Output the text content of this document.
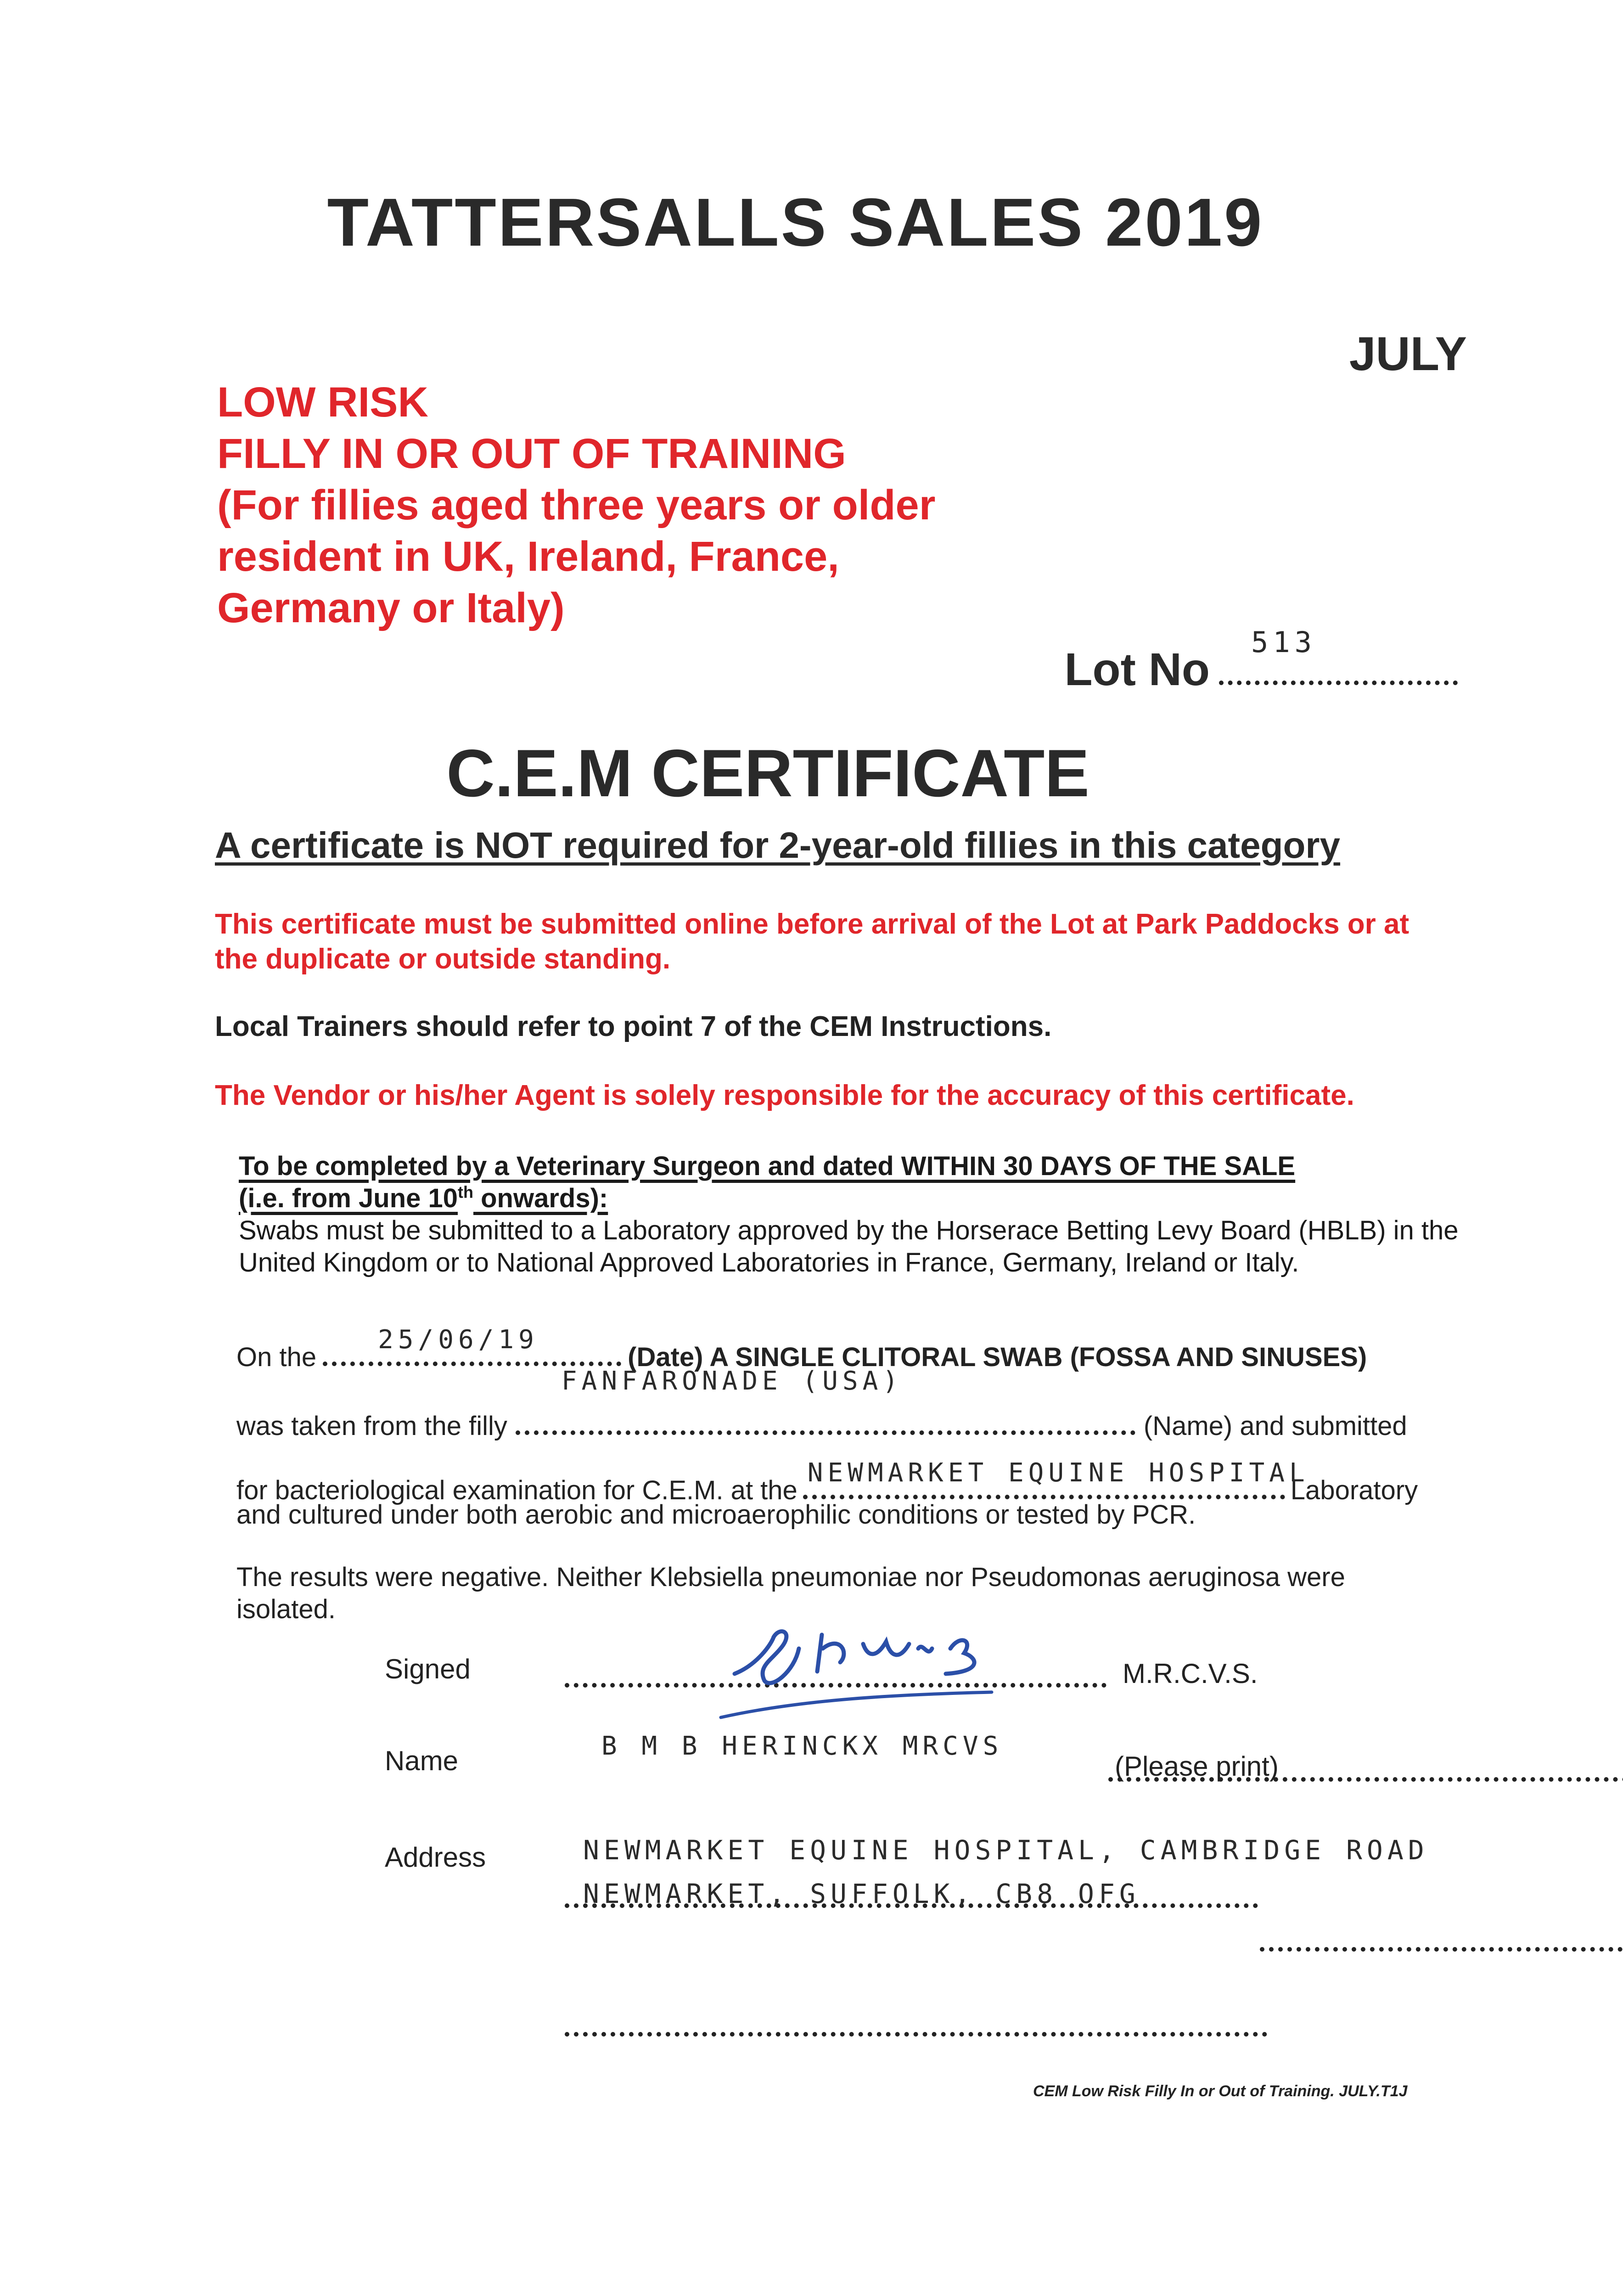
TATTERSALLS SALES 2019
JULY
LOW RISK
FILLY IN OR OUT OF TRAINING
(For fillies aged three years or older
resident in UK, Ireland, France,
Germany or Italy)
Lot No
513
C.E.M CERTIFICATE
A certificate is NOT required for 2-year-old fillies in this category
This certificate must be submitted online before arrival of the Lot at Park Paddocks or at the duplicate or outside standing.
Local Trainers should refer to point 7 of the CEM Instructions.
The Vendor or his/her Agent is solely responsible for the accuracy of this certificate.
To be completed by a Veterinary Surgeon and dated WITHIN 30 DAYS OF THE SALE
(i.e. from June 10th onwards):
Swabs must be submitted to a Laboratory approved by the Horserace Betting Levy Board (HBLB) in the United Kingdom or to National Approved Laboratories in France, Germany, Ireland or Italy.
On the
25/06/19
(Date) A SINGLE CLITORAL SWAB (FOSSA AND SINUSES)
was taken from the filly
FANFARONADE (USA)
(Name) and submitted
for bacteriological examination for C.E.M. at the
NEWMARKET EQUINE HOSPITAL
Laboratory
and cultured under both aerobic and microaerophilic conditions or tested by PCR.
The results were negative. Neither Klebsiella pneumoniae nor Pseudomonas aeruginosa were isolated.
Signed
	M.R.C.V.S.
Name
	B M B HERINCKX MRCVS
(Please print)
Address
	NEWMARKET EQUINE HOSPITAL, CAMBRIDGE ROAD

NEWMARKET, SUFFOLK, CB8 OFG
CEM Low Risk Filly In or Out of Training. JULY.T1J
